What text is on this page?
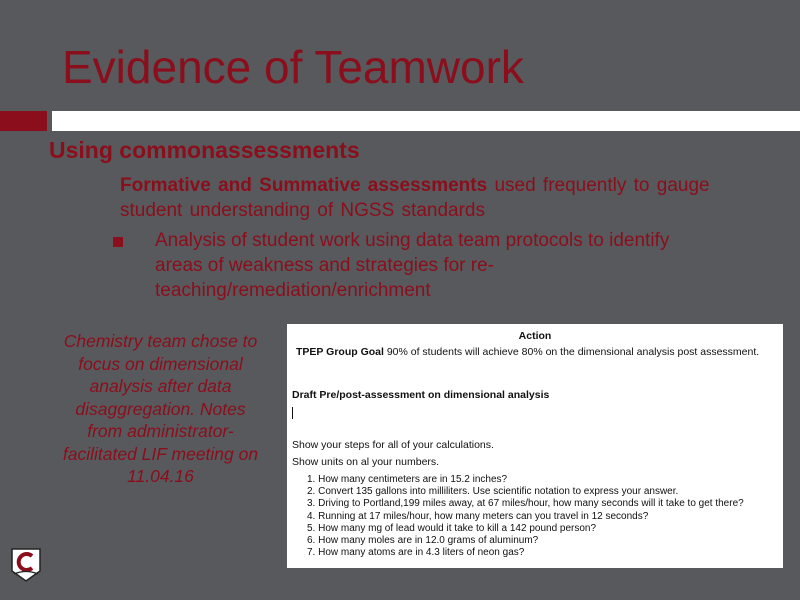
Evidence of Teamwork
Using commonassessments
Formative and Summative assessments used frequently to gauge student understanding of NGSS standards
Analysis of student work using data team protocols to identify areas of weakness and strategies for re-teaching/remediation/enrichment
Chemistry team chose to focus on dimensional analysis after data disaggregation. Notes from administrator-facilitated LIF meeting on 11.04.16
Action
TPEP Group Goal 90% of students will achieve 80% on the dimensional analysis post assessment.
Draft Pre/post-assessment on dimensional analysis
Show your steps for all of your calculations.
Show units on al your numbers.
1. How many centimeters are in 15.2 inches?
2. Convert 135 gallons into milliliters. Use scientific notation to express your answer.
3. Driving to Portland,199 miles away, at 67 miles/hour, how many seconds will it take to get there?
4. Running at 17 miles/hour, how many meters can you travel in 12 seconds?
5. How many mg of lead would it take to kill a 142 pound person?
6. How many moles are in 12.0 grams of aluminum?
7. How many atoms are in 4.3 liters of neon gas?
